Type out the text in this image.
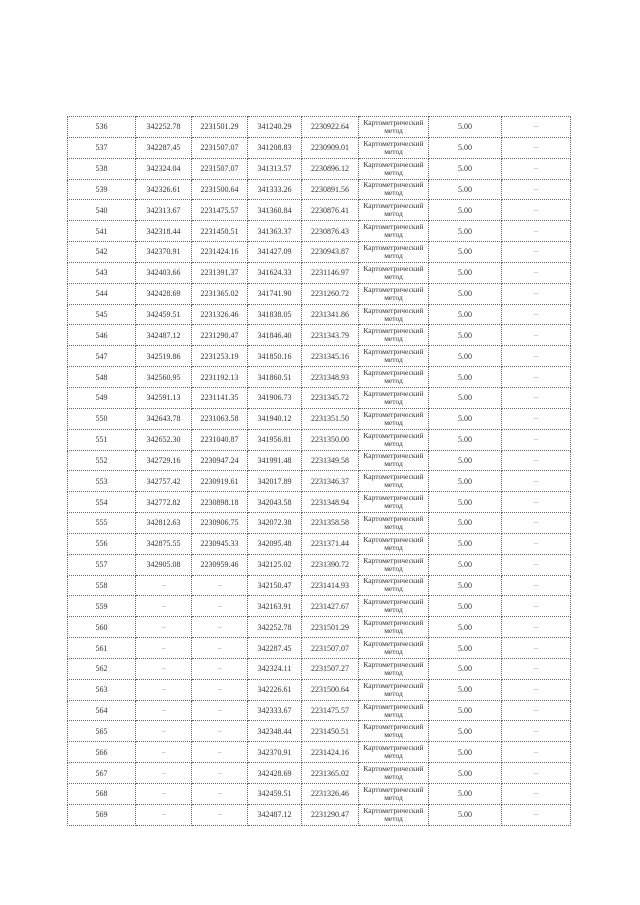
536	342252.78	2231501.29	341240.29	2230922.64	Картометрический метод	5.00	–
537	342287.45	2231507.07	341208.83	2230909.01	Картометрический метод	5.00	–
538	342324.04	2231507.07	341313.57	2230896.12	Картометрический метод	5.00	–
539	342326.61	2231500.64	341333.26	2230891.56	Картометрический метод	5.00	–
540	342313.67	2231475.57	341360.84	2230876.41	Картометрический метод	5.00	–
541	342318.44	2231450.51	341363.37	2230876.43	Картометрический метод	5.00	–
542	342370.91	2231424.16	341427.09	2230943.87	Картометрический метод	5.00	–
543	342403.66	2231391.37	341624.33	2231146.97	Картометрический метод	5.00	–
544	342428.69	2231365.02	341741.90	2231260.72	Картометрический метод	5.00	–
545	342459.51	2231326.46	341838.05	2231341.86	Картометрический метод	5.00	–
546	342487.12	2231290.47	341846.40	2231343.79	Картометрический метод	5.00	–
547	342519.86	2231253.19	341850.16	2231345.16	Картометрический метод	5.00	–
548	342560.95	2231192.13	341860.51	2231348.93	Картометрический метод	5.00	–
549	342591.13	2231141.35	341906.73	2231345.72	Картометрический метод	5.00	–
550	342643.78	2231063.58	341940.12	2231351.50	Картометрический метод	5.00	–
551	342652.30	2231040.87	341956.81	2231350.00	Картометрический метод	5.00	–
552	342729.16	2230947.24	341991.48	2231349.58	Картометрический метод	5.00	–
553	342757.42	2230919.61	342017.89	2231346.37	Картометрический метод	5.00	–
554	342772.82	2230898.18	342043.58	2231348.94	Картометрический метод	5.00	–
555	342812.63	2230906.75	342072.38	2231358.58	Картометрический метод	5.00	–
556	342875.55	2230945.33	342095.48	2231371.44	Картометрический метод	5.00	–
557	342905.08	2230959.46	342125.02	2231390.72	Картометрический метод	5.00	–
558	–	–	342150.47	2231414.93	Картометрический метод	5.00	–
559	–	–	342163.91	2231427.67	Картометрический метод	5.00	–
560	–	–	342252.78	2231501.29	Картометрический метод	5.00	–
561	–	–	342287.45	2231507.07	Картометрический метод	5.00	–
562	–	–	342324.11	2231507.27	Картометрический метод	5.00	–
563	–	–	342226.61	2231500.64	Картометрический метод	5.00	–
564	–	–	342333.67	2231475.57	Картометрический метод	5.00	–
565	–	–	342348.44	2231450.51	Картометрический метод	5.00	–
566	–	–	342370.91	2231424.16	Картометрический метод	5.00	–
567	–	–	342428.69	2231365.02	Картометрический метод	5.00	–
568	–	–	342459.51	2231326.46	Картометрический метод	5.00	–
569	–	–	342487.12	2231290.47	Картометрический метод	5.00	–
